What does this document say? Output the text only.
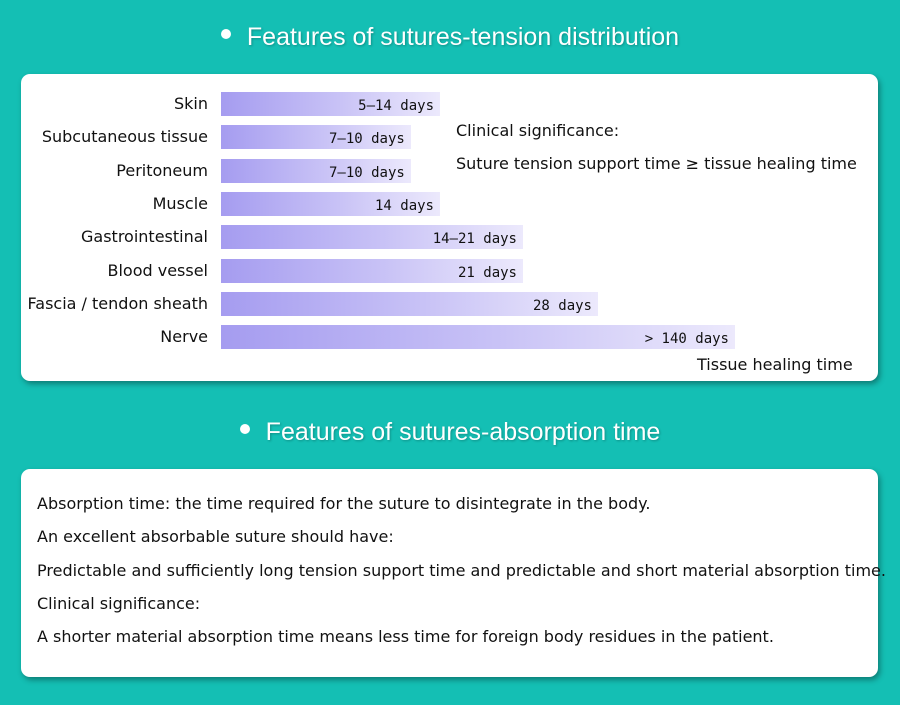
Features of sutures-tension distribution
Skin	5–14 days
Subcutaneous tissue	7–10 days
Peritoneum	7–10 days
Muscle	14 days
Gastrointestinal	14–21 days
Blood vessel	21 days
Fascia / tendon sheath	28 days
Nerve	> 140 days
Clinical significance:
Suture tension support time ≥ tissue healing time
Tissue healing time
Features of sutures-absorption time
Absorption time: the time required for the suture to disintegrate in the body.
An excellent absorbable suture should have:
Predictable and sufficiently long tension support time and predictable and short material absorption time.
Clinical significance:
A shorter material absorption time means less time for foreign body residues in the patient.
